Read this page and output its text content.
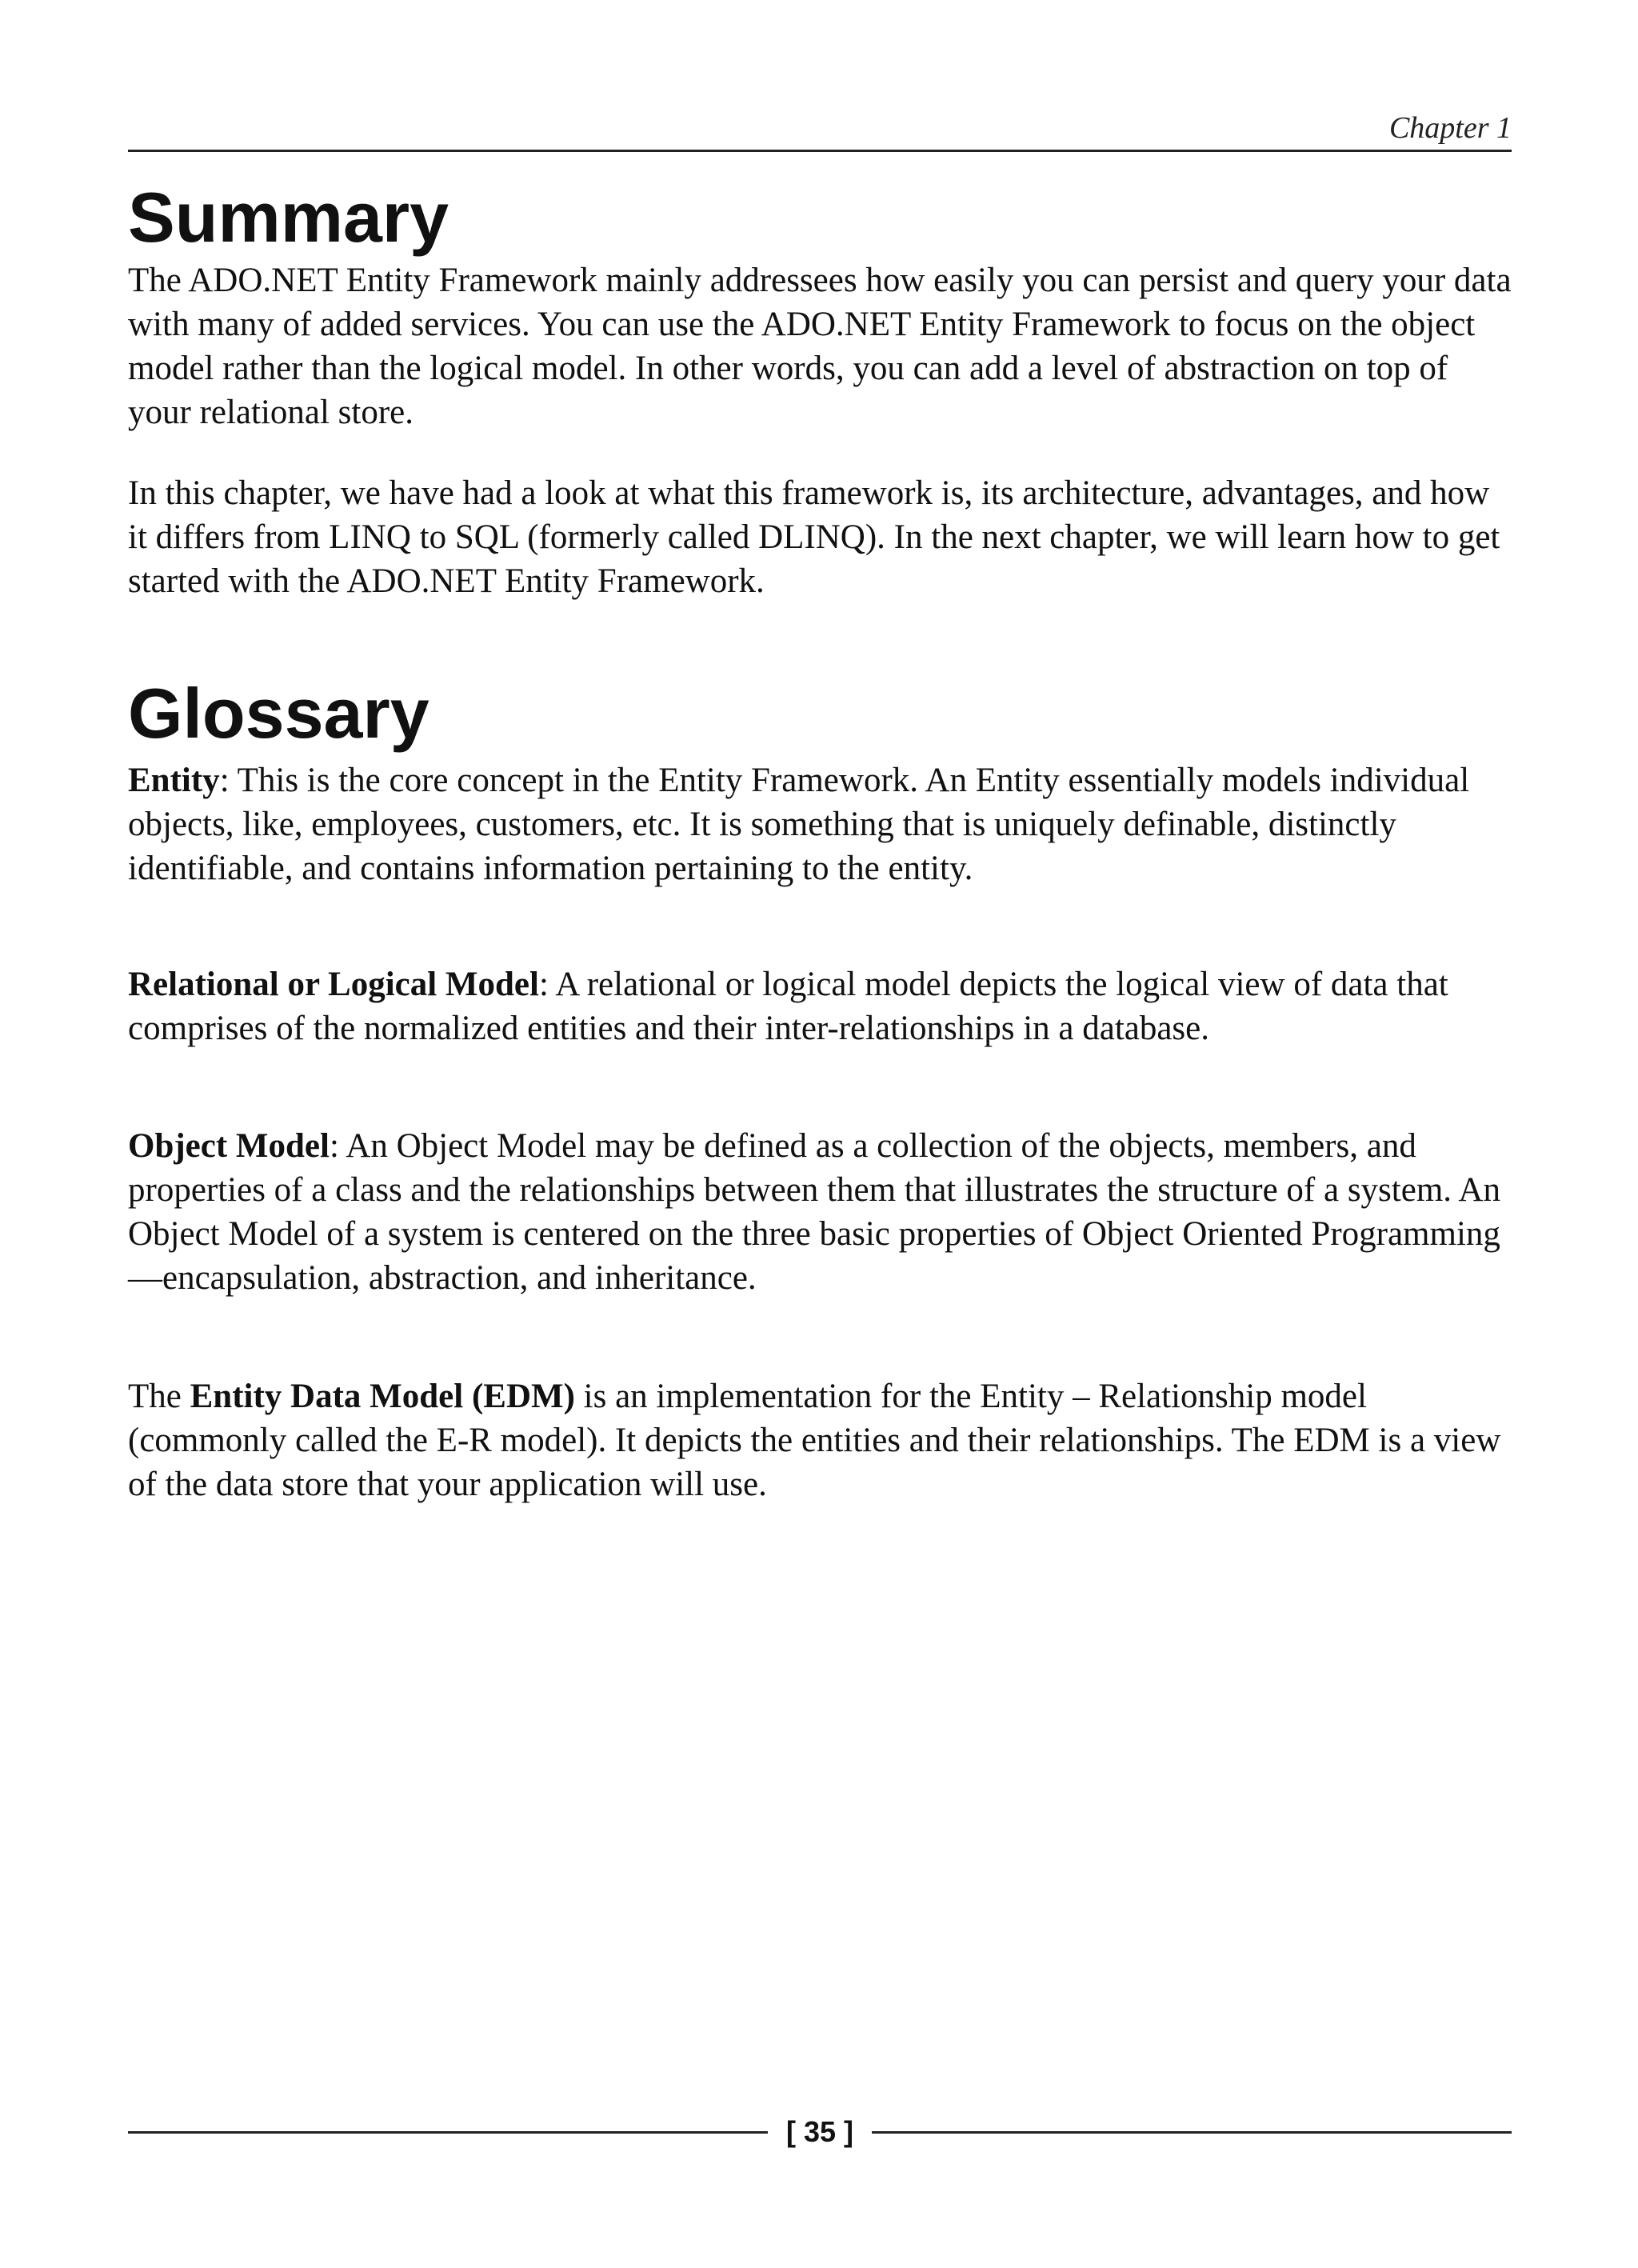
Chapter 1
Summary

The ADO.NET Entity Framework mainly addressees how easily you can persist and query your data with many of added services. You can use the ADO.NET Entity Framework to focus on the object model rather than the logical model. In other words, you can add a level of abstraction on top of your relational store.

In this chapter, we have had a look at what this framework is, its architecture, advantages, and how it differs from LINQ to SQL (formerly called DLINQ). In the next chapter, we will learn how to get started with the ADO.NET Entity Framework.

Glossary

Entity: This is the core concept in the Entity Framework. An Entity essentially models individual objects, like, employees, customers, etc. It is something that is uniquely definable, distinctly identifiable, and contains information pertaining to the entity.

Relational or Logical Model: A relational or logical model depicts the logical view of data that comprises of the normalized entities and their inter-relationships in a database.

Object Model: An Object Model may be defined as a collection of the objects, members, and properties of a class and the relationships between them that illustrates the structure of a system. An Object Model of a system is centered on the three basic properties of Object Oriented Programming—encapsulation, abstraction, and inheritance.

The Entity Data Model (EDM) is an implementation for the Entity – Relationship model (commonly called the E-R model). It depicts the entities and their relationships. The EDM is a view of the data store that your application will use.

[ 35 ]
